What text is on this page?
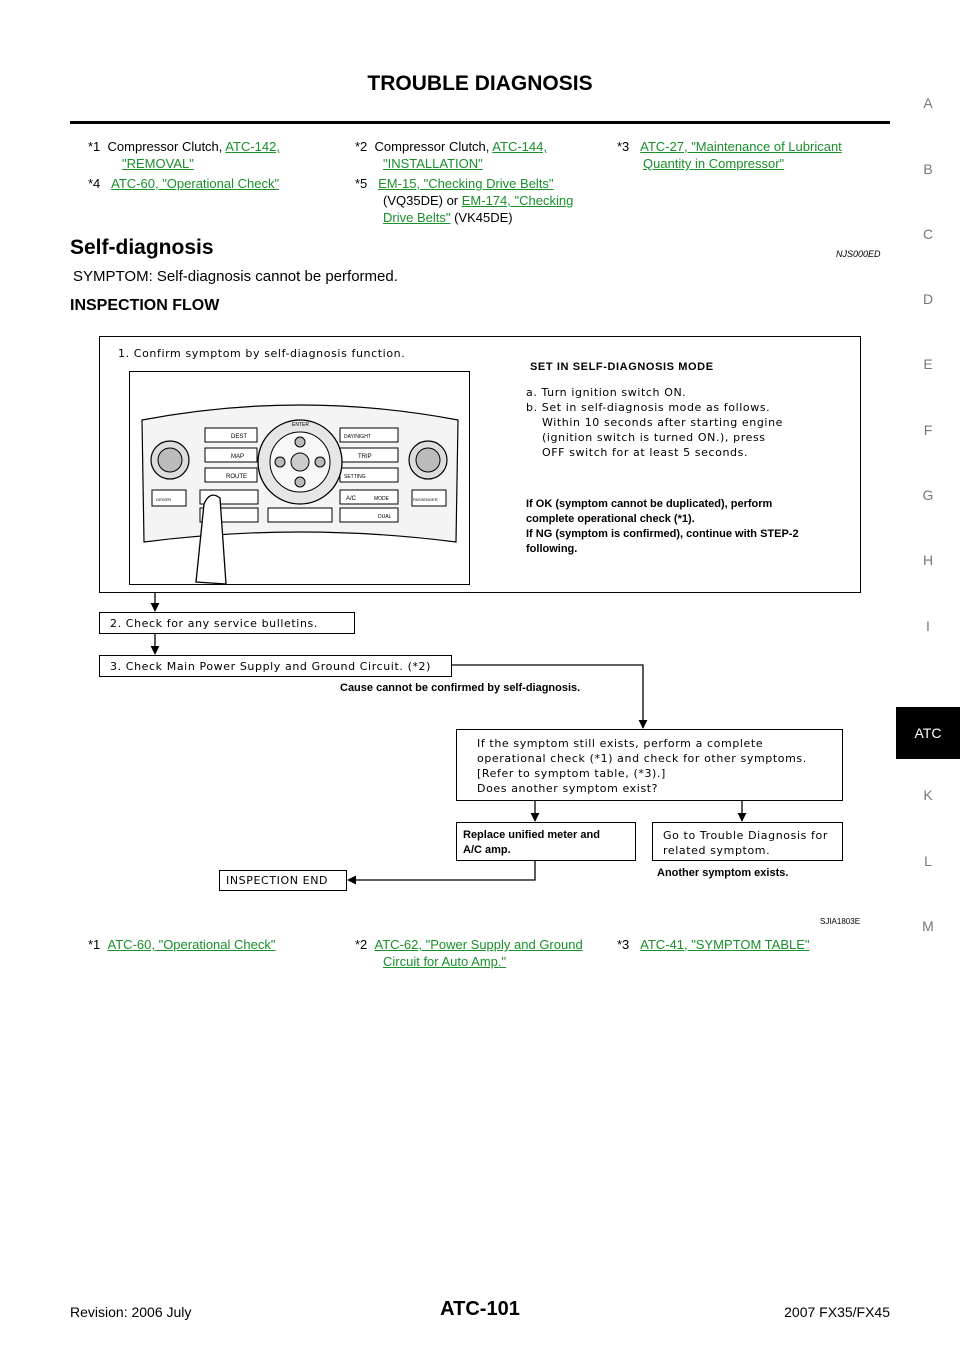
TROUBLE DIAGNOSIS
A
B
C
D
E
F
G
H
I
ATC
K
L
M
*1 Compressor Clutch, ATC-142,
"REMOVAL"
*2 Compressor Clutch, ATC-144,
"INSTALLATION"
*3 ATC-27, "Maintenance of Lubricant
Quantity in Compressor"
*4 ATC-60, "Operational Check"	*5 EM-15, "Checking Drive Belts"
(VQ35DE) or EM-174, "Checking
Drive Belts" (VK45DE)
Self-diagnosis	NJS000ED
SYMPTOM: Self-diagnosis cannot be performed.
INSPECTION FLOW
1. Confirm symptom by self-diagnosis function.
DEST
MAP
ROUTE
ENTER
DAY/NIGHT
TRIP
SETTING
A/C	MODE
DUAL
DRIVER	PASSENGER
SET IN SELF-DIAGNOSIS MODE
a. Turn ignition switch ON.
b. Set in self-diagnosis mode as follows.
Within 10 seconds after starting engine
(ignition switch is turned ON.), press
OFF switch for at least 5 seconds.
If OK (symptom cannot be duplicated), perform
complete operational check (*1).
If NG (symptom is confirmed), continue with STEP-2
following.
2. Check for any service bulletins.
3. Check Main Power Supply and Ground Circuit. (*2)
Cause cannot be confirmed by self-diagnosis.
If the symptom still exists, perform a complete
operational check (*1) and check for other symptoms.
[Refer to symptom table, (*3).]
Does another symptom exist?
Replace unified meter and
A/C amp.
Go to Trouble Diagnosis for
related symptom.
Another symptom exists.
INSPECTION END
SJIA1803E
*1 ATC-60, "Operational Check"	*2 ATC-62, "Power Supply and Ground
Circuit for Auto Amp."
*3 ATC-41, "SYMPTOM TABLE"
Revision: 2006 July	ATC-101	2007 FX35/FX45
